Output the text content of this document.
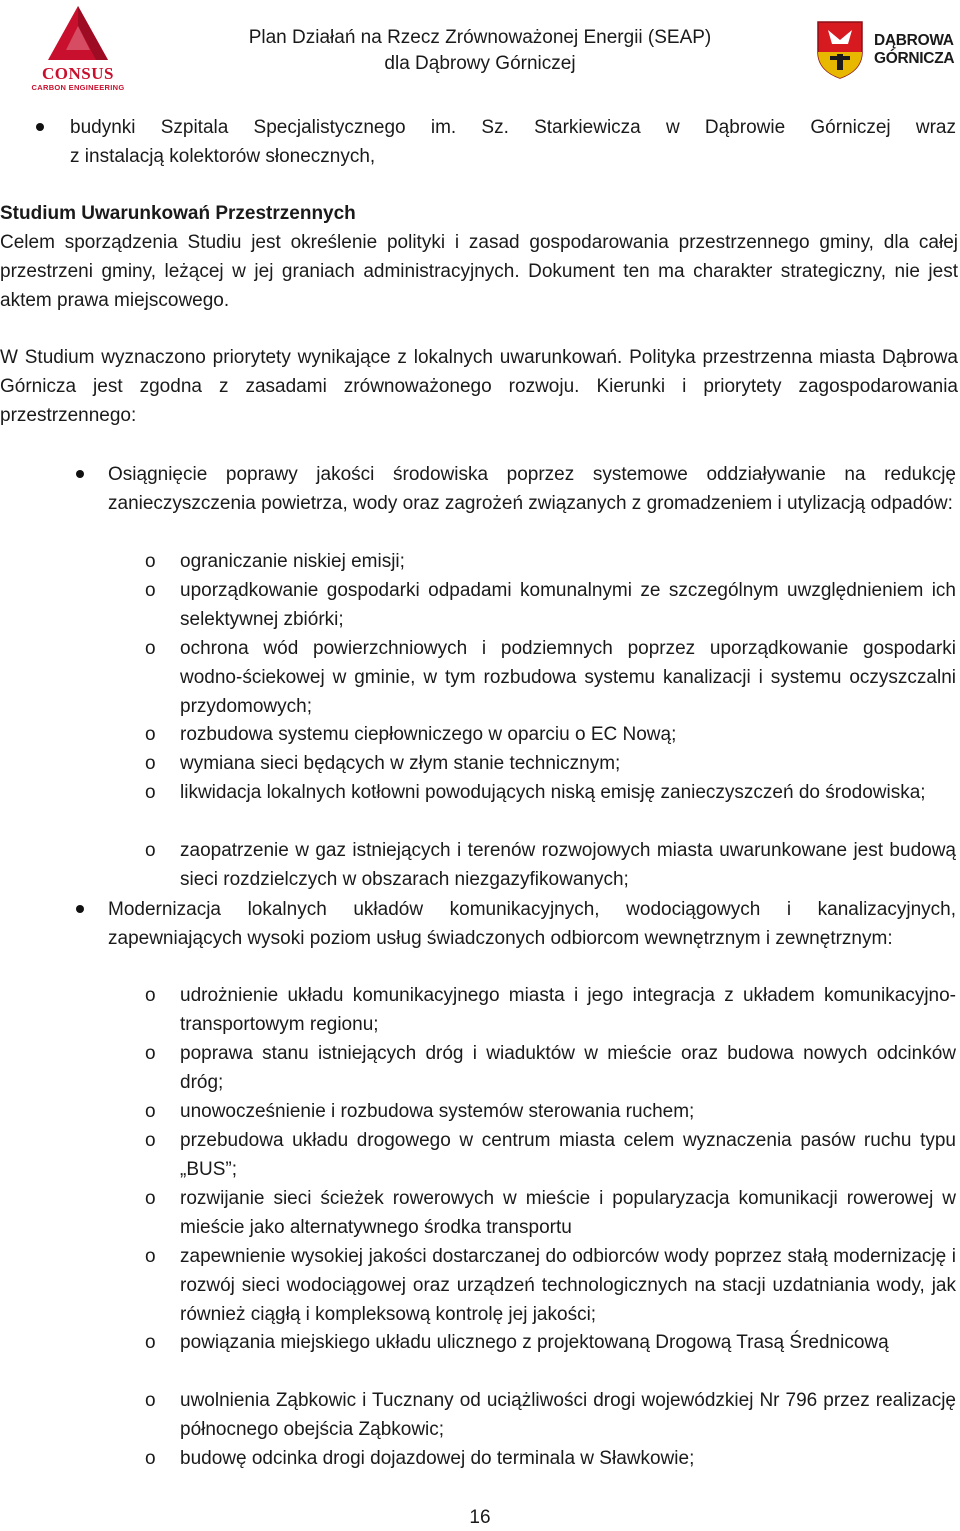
CONSUS
CARBON ENGINEERING
Plan Działań na Rzecz Zrównoważonej Energii (SEAP)
dla Dąbrowy Górniczej
DĄBROWA
GÓRNICZA
budynki Szpitala Specjalistycznego im. Sz. Starkiewicza w Dąbrowie Górniczej wraz
z instalacją kolektorów słonecznych,

Studium Uwarunkowań Przestrzennych

Celem sporządzenia Studiu jest określenie polityki i zasad gospodarowania przestrzennego gminy, dla całej przestrzeni gminy, leżącej w jej graniach administracyjnych. Dokument ten ma charakter strategiczny, nie jest aktem prawa miejscowego.

W Studium wyznaczono priorytety wynikające z lokalnych uwarunkowań. Polityka przestrzenna miasta Dąbrowa Górnicza jest zgodna z zasadami zrównoważonego rozwoju. Kierunki i priorytety zagospodarowania przestrzennego:

Osiągnięcie poprawy jakości środowiska poprzez systemowe oddziaływanie na redukcję zanieczyszczenia powietrza, wody oraz zagrożeń związanych z gromadzeniem i utylizacją odpadów:
o ograniczanie niskiej emisji;
o uporządkowanie gospodarki odpadami komunalnymi ze szczególnym uwzględnieniem ich selektywnej zbiórki;
o ochrona wód powierzchniowych i podziemnych poprzez uporządkowanie gospodarki wodno-ściekowej w gminie, w tym rozbudowa systemu kanalizacji i systemu oczyszczalni przydomowych;
o rozbudowa systemu ciepłowniczego w oparciu o EC Nową;
o wymiana sieci będących w złym stanie technicznym;
o likwidacja lokalnych kotłowni powodujących niską emisję zanieczyszczeń do środowiska;
o zaopatrzenie w gaz istniejących i terenów rozwojowych miasta uwarunkowane jest budową sieci rozdzielczych w obszarach niezgazyfikowanych;
Modernizacja lokalnych układów komunikacyjnych, wodociągowych i kanalizacyjnych, zapewniających wysoki poziom usług świadczonych odbiorcom wewnętrznym i zewnętrznym:
o udrożnienie układu komunikacyjnego miasta i jego integracja z układem komunikacyjno-transportowym regionu;
o poprawa stanu istniejących dróg i wiaduktów w mieście oraz budowa nowych odcinków dróg;
o unowocześnienie i rozbudowa systemów sterowania ruchem;
o przebudowa układu drogowego w centrum miasta celem wyznaczenia pasów ruchu typu „BUS”;
o rozwijanie sieci ścieżek rowerowych w mieście i popularyzacja komunikacji rowerowej w mieście jako alternatywnego środka transportu
o zapewnienie wysokiej jakości dostarczanej do odbiorców wody poprzez stałą modernizację i rozwój sieci wodociągowej oraz urządzeń technologicznych na stacji uzdatniania wody, jak również ciągłą i kompleksową kontrolę jej jakości;
o powiązania miejskiego układu ulicznego z projektowaną Drogową Trasą Średnicową
o uwolnienia Ząbkowic i Tucznany od uciążliwości drogi wojewódzkiej Nr 796 przez realizację północnego obejścia Ząbkowic;
o budowę odcinka drogi dojazdowej do terminala w Sławkowie;
16
